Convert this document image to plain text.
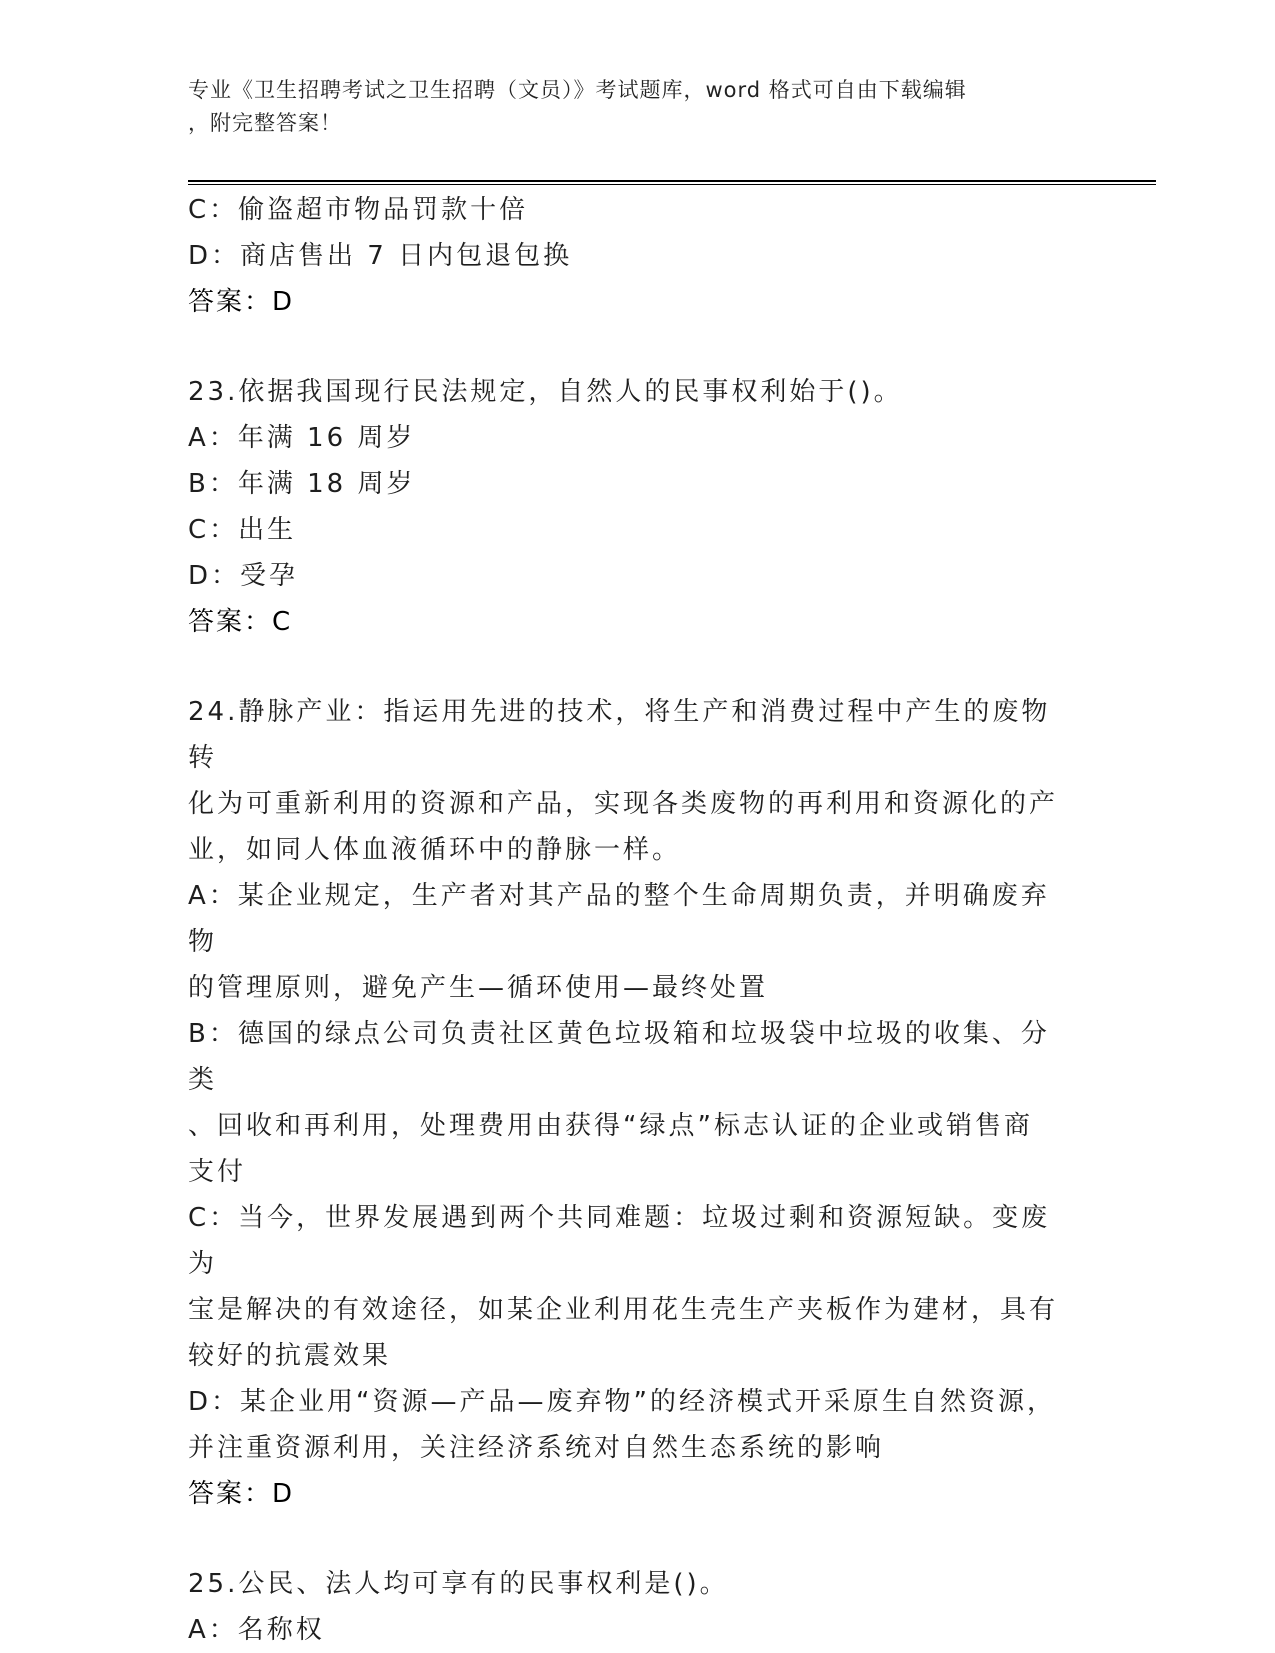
专业《卫生招聘考试之卫生招聘（文员）》考试题库，word 格式可自由下载编辑
，附完整答案！
C：偷盗超市物品罚款十倍
D：商店售出 7 日内包退包换
答案：D
23.依据我国现行民法规定，自然人的民事权利始于()。
A：年满 16 周岁
B：年满 18 周岁
C：出生
D：受孕
答案：C
24.静脉产业：指运用先进的技术，将生产和消费过程中产生的废物转
化为可重新利用的资源和产品，实现各类废物的再利用和资源化的产
业，如同人体血液循环中的静脉一样。
A：某企业规定，生产者对其产品的整个生命周期负责，并明确废弃物
的管理原则，避免产生—循环使用—最终处置
B：德国的绿点公司负责社区黄色垃圾箱和垃圾袋中垃圾的收集、分类
、回收和再利用，处理费用由获得“绿点”标志认证的企业或销售商
支付
C：当今，世界发展遇到两个共同难题：垃圾过剩和资源短缺。变废为
宝是解决的有效途径，如某企业利用花生壳生产夹板作为建材，具有
较好的抗震效果
D：某企业用“资源—产品—废弃物”的经济模式开采原生自然资源，
并注重资源利用，关注经济系统对自然生态系统的影响
答案：D
25.公民、法人均可享有的民事权利是()。
A：名称权
